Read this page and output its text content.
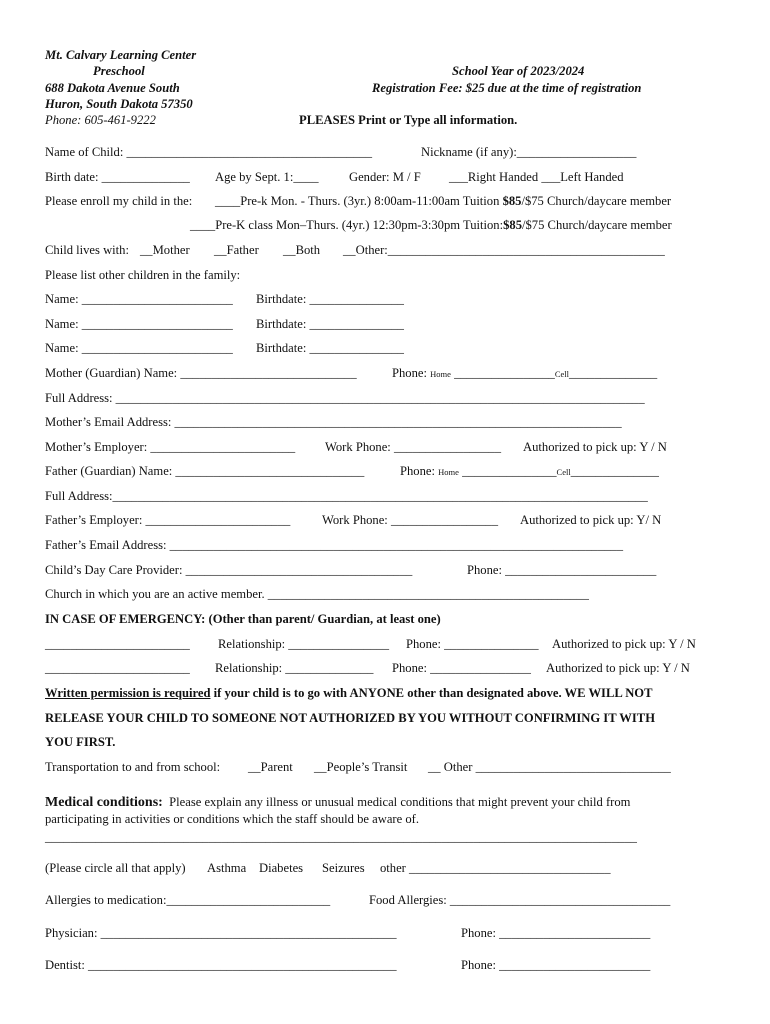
Mt. Calvary Learning Center
Preschool
688 Dakota Avenue South
Huron, South Dakota 57350
Phone: 605-461-9222
School Year of 2023/2024
Registration Fee: $25 due at the time of registration
PLEASES Print or Type all information.
Name of Child: _______________________________________	Nickname (if any):___________________
Birth date: ______________ Age by Sept. 1:____ Gender: M / F ___Right Handed ___Left Handed
Please enroll my child in the: ____Pre-k Mon. - Thurs. (3yr.) 8:00am-11:00am Tuition $85/$75 Church/daycare member
____Pre-K class Mon–Thurs. (4yr.) 12:30pm-3:30pm Tuition:$85/$75 Church/daycare member
Child lives with: __Mother __Father __Both __Other:____________________________________________
Please list other children in the family:
Name: ________________________ Birthdate: _______________
Name: ________________________ Birthdate: _______________
Name: ________________________ Birthdate: _______________
Mother (Guardian) Name: ____________________________	Phone: Home ________________Cell______________
Full Address: ____________________________________________________________________________________
Mother’s Email Address: _______________________________________________________________________
Mother’s Employer: _______________________ Work Phone: _________________ Authorized to pick up: Y / N
Father (Guardian) Name: ______________________________	Phone: Home _______________Cell______________
Full Address:_____________________________________________________________________________________
Father’s Employer: _______________________	Work Phone: _________________ Authorized to pick up: Y/ N
Father’s Email Address: ________________________________________________________________________
Child’s Day Care Provider: ____________________________________	Phone: ________________________
Church in which you are an active member. ___________________________________________________
IN CASE OF EMERGENCY: (Other than parent/ Guardian, at least one)
_______________________ Relationship: ________________ Phone: _______________ Authorized to pick up: Y / N
_______________________ Relationship: ______________ Phone: ________________ Authorized to pick up: Y / N
Written permission is required if your child is to go with ANYONE other than designated above. WE WILL NOT
RELEASE YOUR CHILD TO SOMEONE NOT AUTHORIZED BY YOU WITHOUT CONFIRMING IT WITH
YOU FIRST.
Transportation to and from school: __Parent __People’s Transit __ Other _______________________________
Medical conditions: Please explain any illness or unusual medical conditions that might prevent your child from
participating in activities or conditions which the staff should be aware of.
______________________________________________________________________________________________
(Please circle all that apply) Asthma Diabetes Seizures other ________________________________
Allergies to medication:__________________________	Food Allergies: ___________________________________
Physician: _______________________________________________	Phone: ________________________
Dentist: _________________________________________________	Phone: ________________________
